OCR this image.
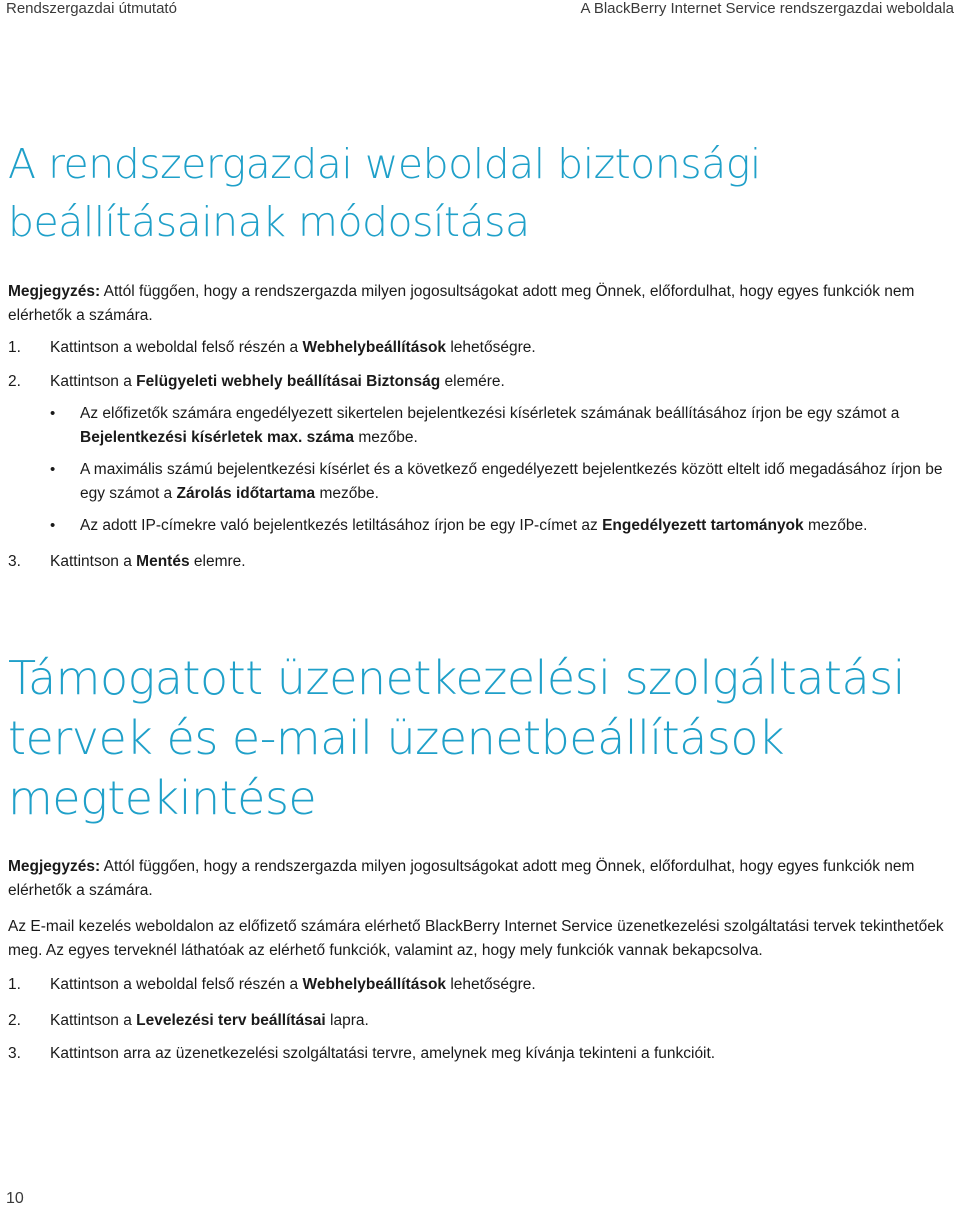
Rendszergazdai útmutató	A BlackBerry Internet Service rendszergazdai weboldala
A rendszergazdai weboldal biztonsági
beállításainak módosítása

Megjegyzés: Attól függően, hogy a rendszergazda milyen jogosultságokat adott meg Önnek, előfordulhat, hogy egyes funkciók nem elérhetők a számára.

1. Kattintson a weboldal felső részén a Webhelybeállítások lehetőségre.

2. Kattintson a Felügyeleti webhely beállításai Biztonság elemére.

• Az előfizetők számára engedélyezett sikertelen bejelentkezési kísérletek számának beállításához írjon be egy számot a Bejelentkezési kísérletek max. száma mezőbe.

• A maximális számú bejelentkezési kísérlet és a következő engedélyezett bejelentkezés között eltelt idő megadásához írjon be egy számot a Zárolás időtartama mezőbe.

• Az adott IP-címekre való bejelentkezés letiltásához írjon be egy IP-címet az Engedélyezett tartományok mezőbe.

3. Kattintson a Mentés elemre.

Támogatott üzenetkezelési szolgáltatási
tervek és e-mail üzenetbeállítások
megtekintése

Megjegyzés: Attól függően, hogy a rendszergazda milyen jogosultságokat adott meg Önnek, előfordulhat, hogy egyes funkciók nem elérhetők a számára.

Az E-mail kezelés weboldalon az előfizető számára elérhető BlackBerry Internet Service üzenetkezelési szolgáltatási tervek tekinthetőek meg. Az egyes terveknél láthatóak az elérhető funkciók, valamint az, hogy mely funkciók vannak bekapcsolva.

1. Kattintson a weboldal felső részén a Webhelybeállítások lehetőségre.

2. Kattintson a Levelezési terv beállításai lapra.

3. Kattintson arra az üzenetkezelési szolgáltatási tervre, amelynek meg kívánja tekinteni a funkcióit.

10
